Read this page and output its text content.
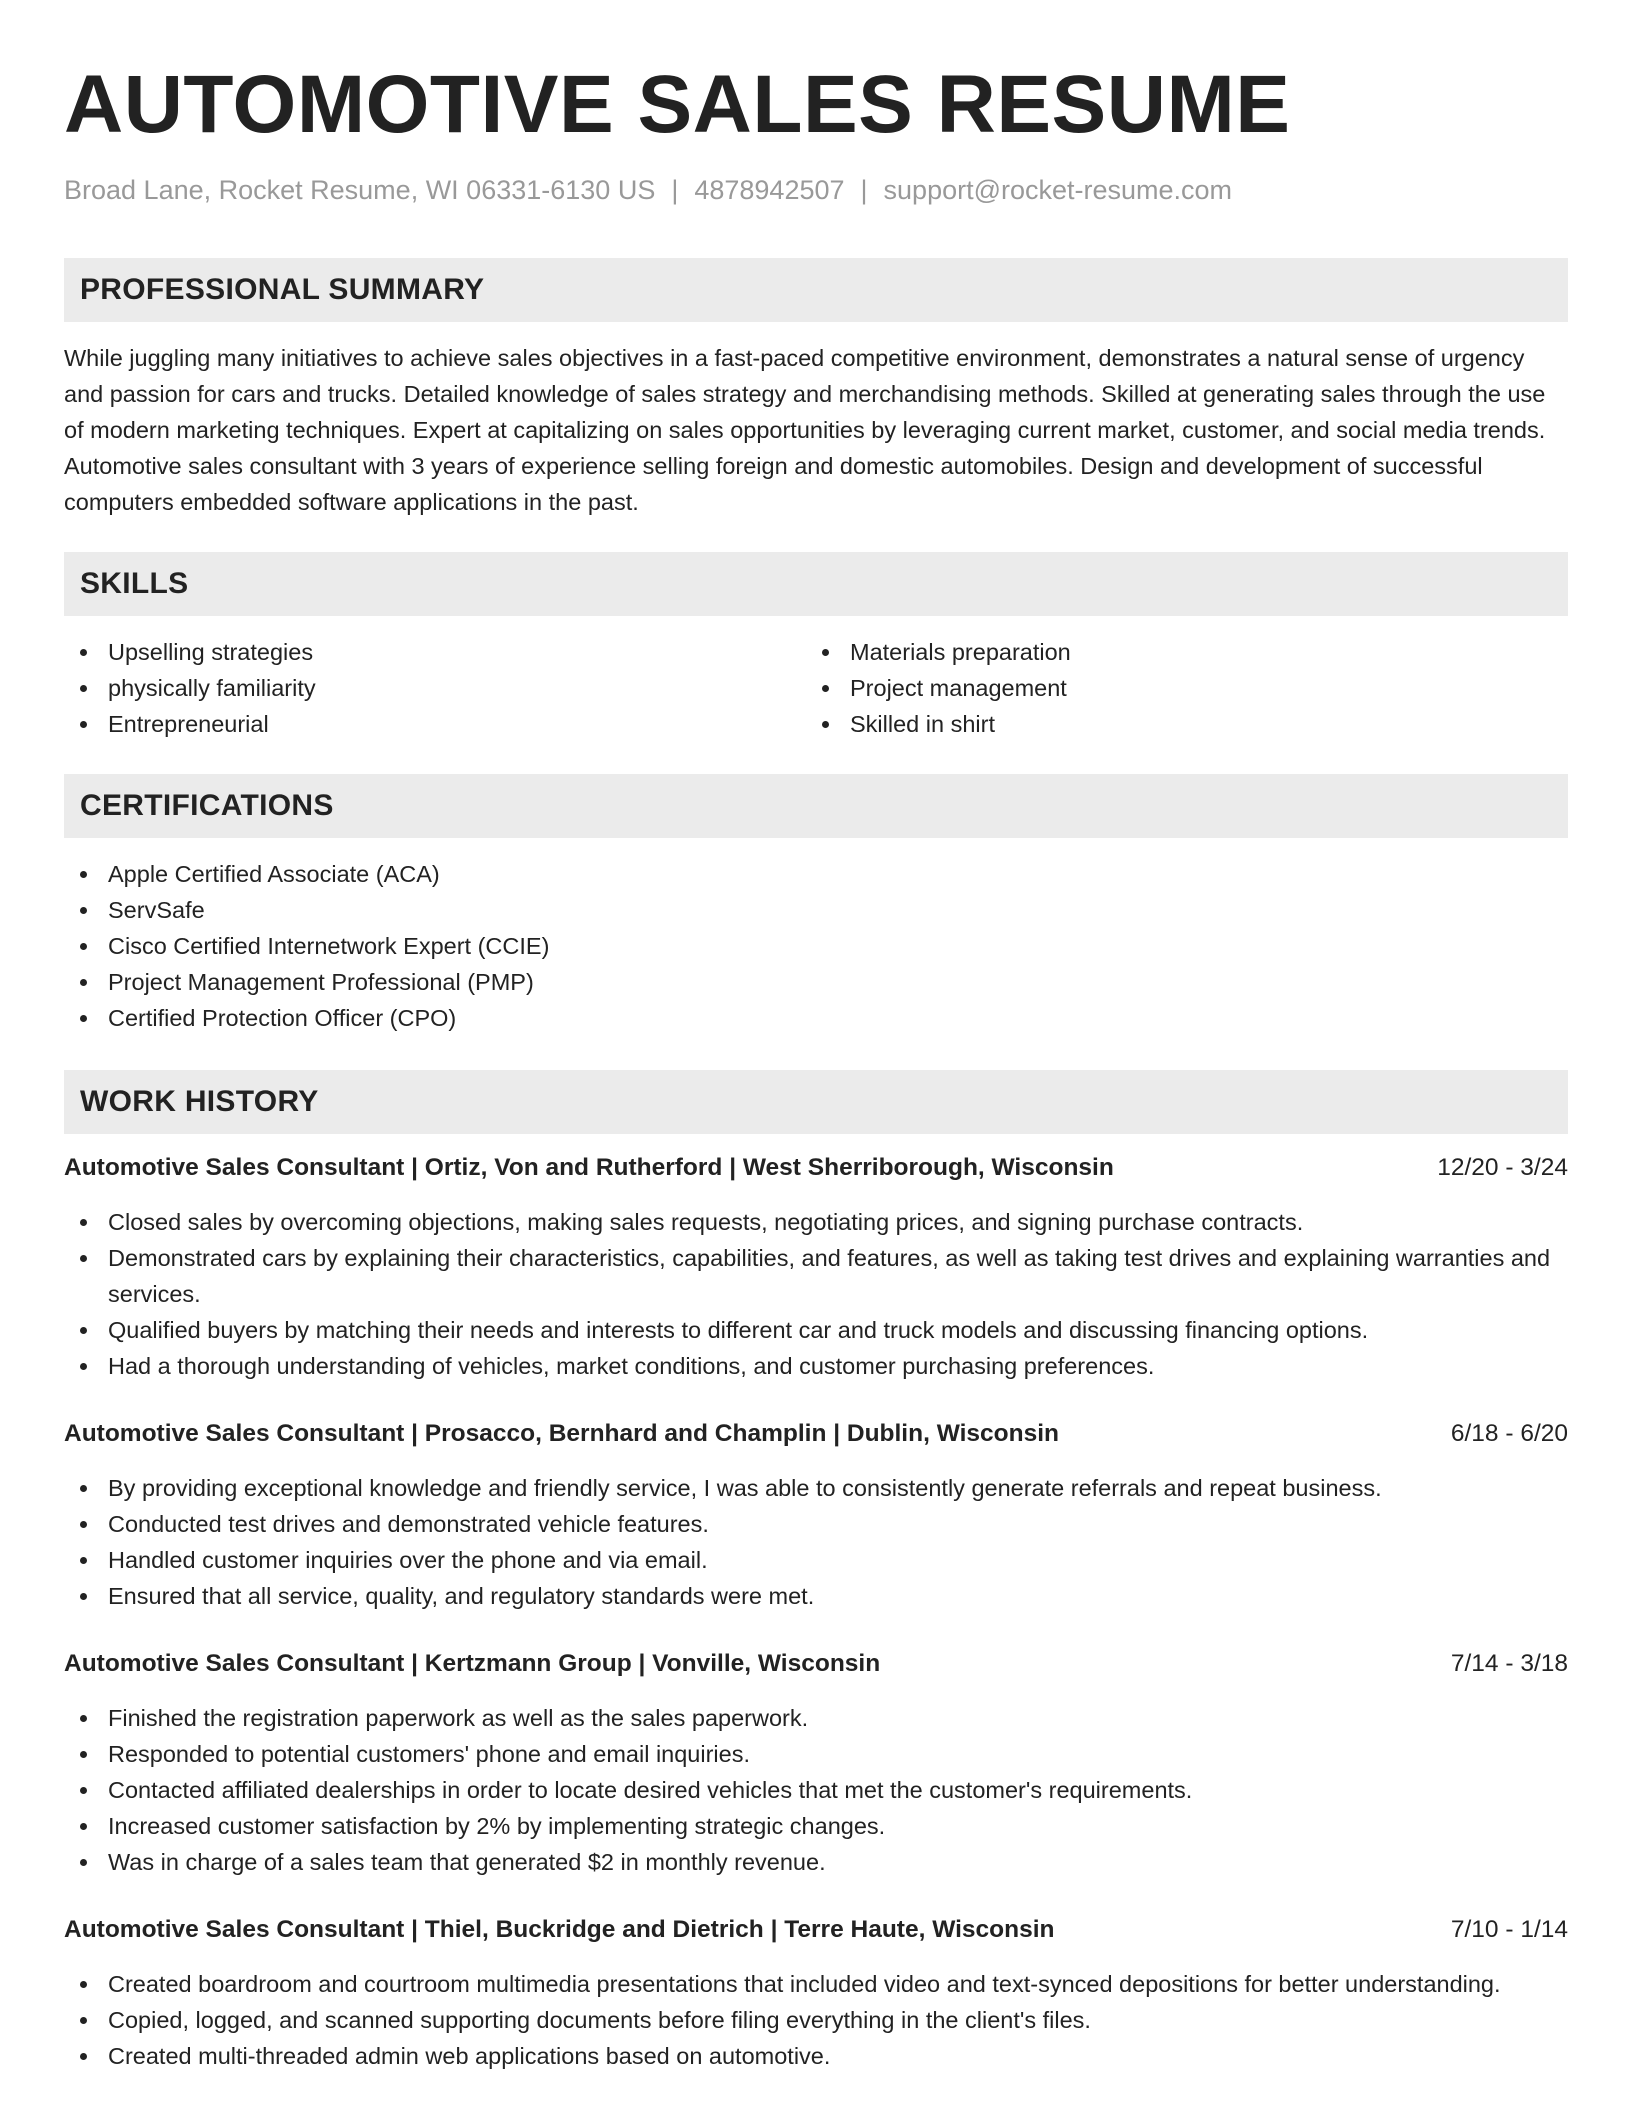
AUTOMOTIVE SALES RESUME
Broad Lane, Rocket Resume, WI 06331-6130 US | 4878942507 | support@rocket-resume.com
PROFESSIONAL SUMMARY

While juggling many initiatives to achieve sales objectives in a fast-paced competitive environment, demonstrates a natural sense of urgency and passion for cars and trucks. Detailed knowledge of sales strategy and merchandising methods. Skilled at generating sales through the use of modern marketing techniques. Expert at capitalizing on sales opportunities by leveraging current market, customer, and social media trends. Automotive sales consultant with 3 years of experience selling foreign and domestic automobiles. Design and development of successful computers embedded software applications in the past.

SKILLS
Upselling strategies
physically familiarity
Entrepreneurial
Materials preparation
Project management
Skilled in shirt
CERTIFICATIONS
Apple Certified Associate (ACA)
ServSafe
Cisco Certified Internetwork Expert (CCIE)
Project Management Professional (PMP)
Certified Protection Officer (CPO)
WORK HISTORY
Automotive Sales Consultant | Ortiz, Von and Rutherford | West Sherriborough, Wisconsin	12/20 - 3/24
Closed sales by overcoming objections, making sales requests, negotiating prices, and signing purchase contracts.
Demonstrated cars by explaining their characteristics, capabilities, and features, as well as taking test drives and explaining warranties and services.
Qualified buyers by matching their needs and interests to different car and truck models and discussing financing options.
Had a thorough understanding of vehicles, market conditions, and customer purchasing preferences.
Automotive Sales Consultant | Prosacco, Bernhard and Champlin | Dublin, Wisconsin	6/18 - 6/20
By providing exceptional knowledge and friendly service, I was able to consistently generate referrals and repeat business.
Conducted test drives and demonstrated vehicle features.
Handled customer inquiries over the phone and via email.
Ensured that all service, quality, and regulatory standards were met.
Automotive Sales Consultant | Kertzmann Group | Vonville, Wisconsin	7/14 - 3/18
Finished the registration paperwork as well as the sales paperwork.
Responded to potential customers' phone and email inquiries.
Contacted affiliated dealerships in order to locate desired vehicles that met the customer's requirements.
Increased customer satisfaction by 2% by implementing strategic changes.
Was in charge of a sales team that generated $2 in monthly revenue.
Automotive Sales Consultant | Thiel, Buckridge and Dietrich | Terre Haute, Wisconsin	7/10 - 1/14
Created boardroom and courtroom multimedia presentations that included video and text-synced depositions for better understanding.
Copied, logged, and scanned supporting documents before filing everything in the client's files.
Created multi-threaded admin web applications based on automotive.
